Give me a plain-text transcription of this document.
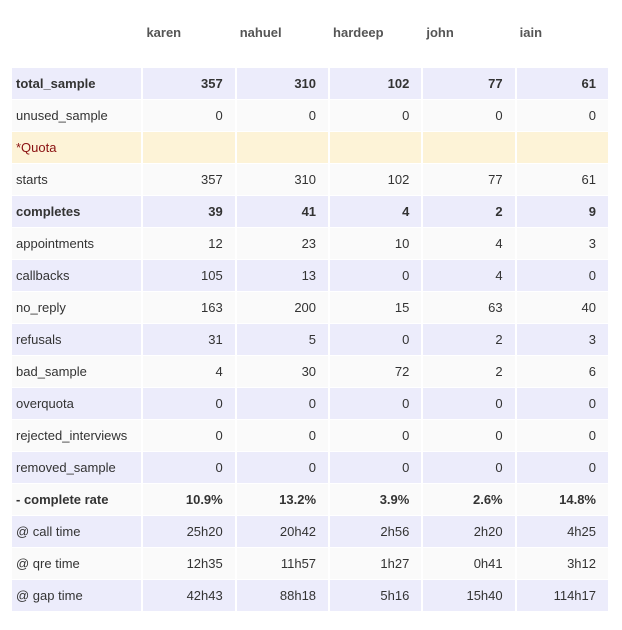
	karen	nahuel	hardeep	john	iain

total_sample	357	310	102	77	61
unused_sample	0	0	0	0	0
*Quota					
starts	357	310	102	77	61
completes	39	41	4	2	9
appointments	12	23	10	4	3
callbacks	105	13	0	4	0
no_reply	163	200	15	63	40
refusals	31	5	0	2	3
bad_sample	4	30	72	2	6
overquota	0	0	0	0	0
rejected_interviews	0	0	0	0	0
removed_sample	0	0	0	0	0
- complete rate	10.9%	13.2%	3.9%	2.6%	14.8%
@ call time	25h20	20h42	2h56	2h20	4h25
@ qre time	12h35	11h57	1h27	0h41	3h12
@ gap time	42h43	88h18	5h16	15h40	114h17
